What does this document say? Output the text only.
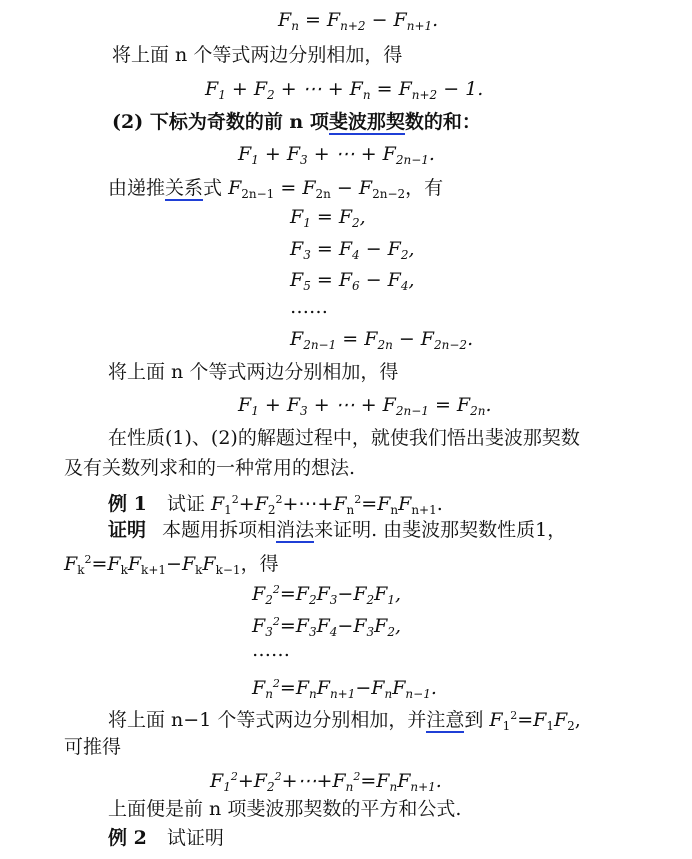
$F_n = F_{n+2} - F_{n+1}$.
将上面 n 个等式两边分别相加，得
$F_1 + F_2$ + ⋯ + $F_n = F_{n+2} - 1$.
(2) 下标为奇数的前 n 项斐波那契数的和：
$F_1 + F_3$ + ⋯ + $F_{2n-1}$.
由递推关系式 $F_{2n-1} = F_{2n} - F_{2n-2}$，有
$F_1 = F_2$,
$F_3 = F_4 - F_2$,
$F_5 = F_6 - F_4$,
……
$F_{2n-1} = F_{2n} - F_{2n-2}$.
将上面 n 个等式两边分别相加，得
$F_1 + F_3$ + ⋯ + $F_{2n-1} = F_{2n}$.
在性质(1)、(2)的解题过程中，就使我们悟出斐波那契数
及有关数列求和的一种常用的想法.
例 1 试证 $F_1^2+F_2^2+\cdots+F_n^2=F_nF_{n+1}$.
证明 本题用拆项相消法来证明. 由斐波那契数性质1，
$F_k^2=F_kF_{k+1}-F_kF_{k-1}$，得
$F_2^2=F_2F_3-F_2F_1$,
$F_3^2=F_3F_4-F_3F_2$,
……
$F_n^2=F_nF_{n+1}-F_nF_{n-1}$.
将上面 n−1 个等式两边分别相加，并注意到 $F_1^2=F_1F_2$,
可推得
$F_1^2+F_2^2+\cdots+F_n^2=F_nF_{n+1}$.
上面便是前 n 项斐波那契数的平方和公式.
例 2 试证明
